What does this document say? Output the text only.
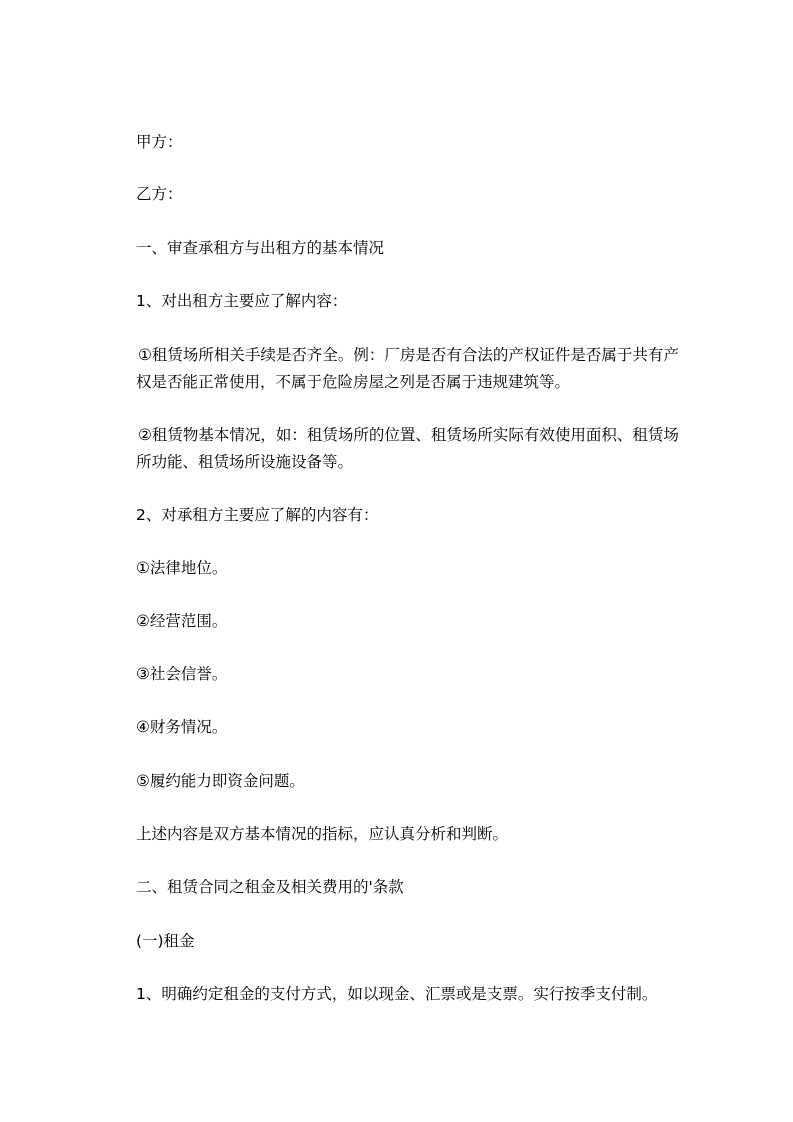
甲方：
乙方：
一、审查承租方与出租方的基本情况
1、对出租方主要应了解内容：
①租赁场所相关手续是否齐全。例：厂房是否有合法的产权证件是否属于共有产
权是否能正常使用，不属于危险房屋之列是否属于违规建筑等。
②租赁物基本情况，如：租赁场所的位置、租赁场所实际有效使用面积、租赁场
所功能、租赁场所设施设备等。
2、对承租方主要应了解的内容有：
①法律地位。
②经营范围。
③社会信誉。
④财务情况。
⑤履约能力即资金问题。
上述内容是双方基本情况的指标，应认真分析和判断。
二、租赁合同之租金及相关费用的'条款
(一)租金
1、明确约定租金的支付方式，如以现金、汇票或是支票。实行按季支付制。
